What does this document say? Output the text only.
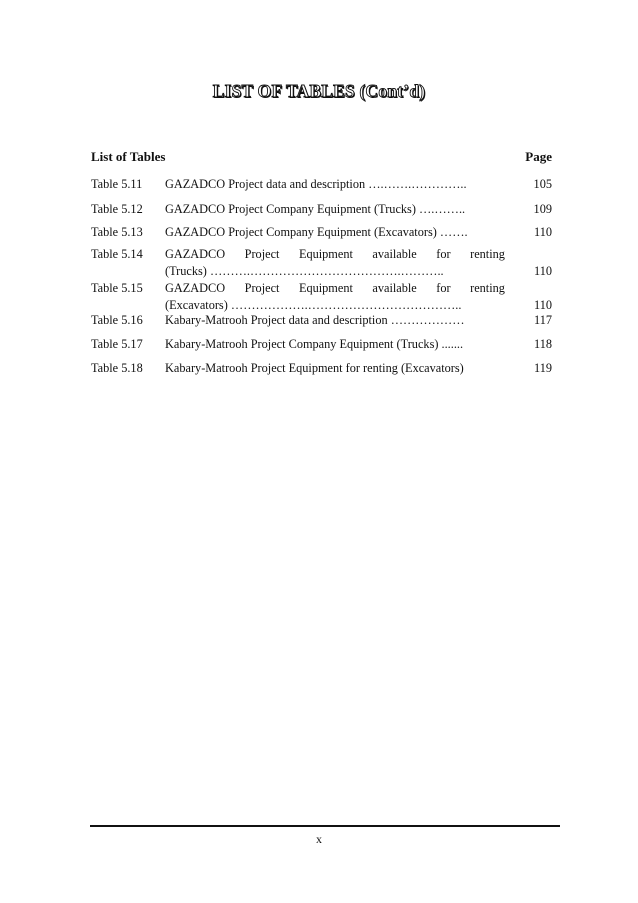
LIST OF TABLES (Cont’d)
List of Tables	Page
Table 5.11 GAZADCO Project data and description ….…….…………..	105
Table 5.12 GAZADCO Project Company Equipment (Trucks) ….……..	109
Table 5.13 GAZADCO Project Company Equipment (Excavators) …….	110
Table 5.14 GAZADCO Project Equipment available for renting
(Trucks) ……….……………………………….………..	110
Table 5.15 GAZADCO Project Equipment available for renting
(Excavators) ……………….………………………………..	110
Table 5.16 Kabary-Matrooh Project data and description ………………	117
Table 5.17 Kabary-Matrooh Project Company Equipment (Trucks) .......	118
Table 5.18 Kabary-Matrooh Project Equipment for renting (Excavators)	119
x
